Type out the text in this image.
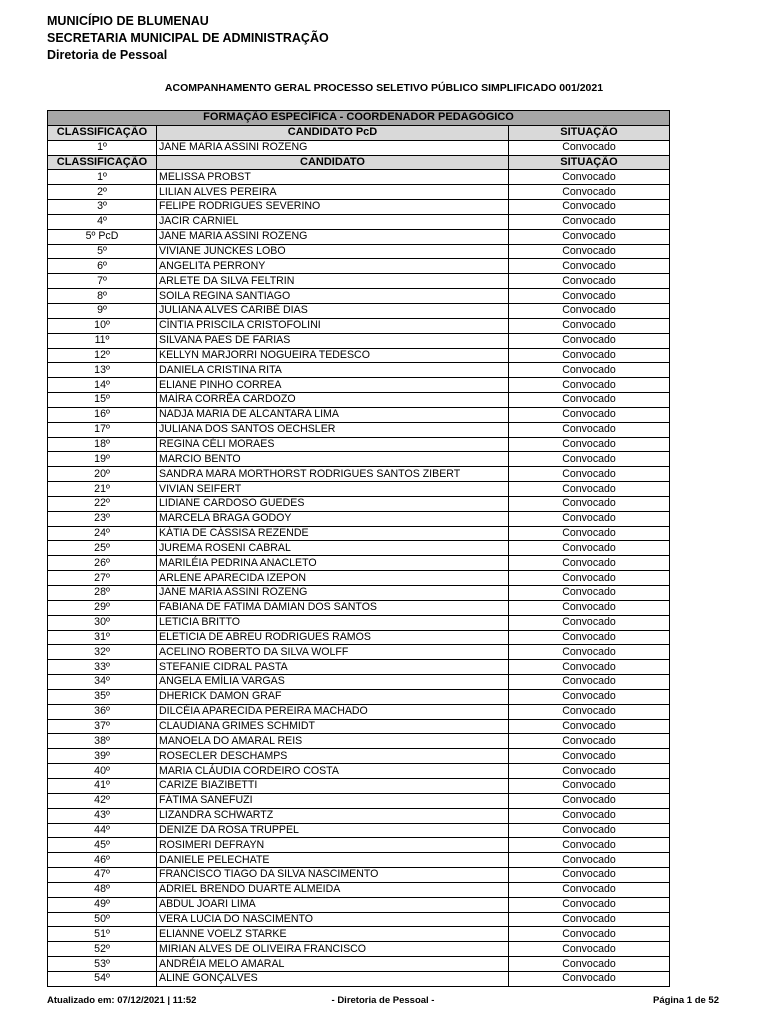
MUNICÍPIO DE BLUMENAU
SECRETARIA MUNICIPAL DE ADMINISTRAÇÃO
Diretoria de Pessoal
ACOMPANHAMENTO GERAL PROCESSO SELETIVO PÚBLICO SIMPLIFICADO 001/2021
FORMAÇÃO ESPECÍFICA - COORDENADOR PEDAGÓGICO		
CLASSIFICAÇÃO	CANDIDATO PcD	SITUAÇÃO
1º	JANE MARIA ASSINI ROZENG	Convocado
CLASSIFICAÇÃO	CANDIDATO	SITUAÇÃO
1º	MELISSA PROBST	Convocado
2º	LILIAN ALVES PEREIRA	Convocado
3º	FELIPE RODRIGUES SEVERINO	Convocado
4º	JACIR CARNIEL	Convocado
5º PcD	JANE MARIA ASSINI ROZENG	Convocado
5º	VIVIANE JUNCKES LOBO	Convocado
6º	ANGELITA PERRONY	Convocado
7º	ARLETE DA SILVA FELTRIN	Convocado
8º	SOILA REGINA SANTIAGO	Convocado
9º	JULIANA ALVES CARIBÉ DIAS	Convocado
10º	CÍNTIA PRISCILA CRISTOFOLINI	Convocado
11º	SILVANA PAES DE FARIAS	Convocado
12º	KELLYN MARJORRI NOGUEIRA TEDESCO	Convocado
13º	DANIELA CRISTINA RITA	Convocado
14º	ELIANE PINHO CORREA	Convocado
15º	MAÍRA CORRÊA CARDOZO	Convocado
16º	NADJA MARIA DE ALCANTARA LIMA	Convocado
17º	JULIANA DOS SANTOS OECHSLER	Convocado
18º	REGINA CÉLI MORAES	Convocado
19º	MARCIO BENTO	Convocado
20º	SANDRA MARA MORTHORST RODRIGUES SANTOS ZIBERT	Convocado
21º	VIVIAN SEIFERT	Convocado
22º	LIDIANE CARDOSO GUEDES	Convocado
23º	MARCELA BRAGA GODOY	Convocado
24º	KÁTIA DE CÁSSISA REZENDE	Convocado
25º	JUREMA ROSENI CABRAL	Convocado
26º	MARILÉIA PEDRINA ANACLETO	Convocado
27º	ARLENE APARECIDA IZEPON	Convocado
28º	JANE MARIA ASSINI ROZENG	Convocado
29º	FABIANA DE FATIMA DAMIAN DOS SANTOS	Convocado
30º	LETICIA BRITTO	Convocado
31º	ELETICIA DE ABREU RODRIGUES RAMOS	Convocado
32º	ACELINO ROBERTO DA SILVA WOLFF	Convocado
33º	STEFANIE CIDRAL PASTA	Convocado
34º	ANGELA EMÍLIA VARGAS	Convocado
35º	DHERICK DAMON GRAF	Convocado
36º	DILCÉIA APARECIDA PEREIRA MACHADO	Convocado
37º	CLAUDIANA GRIMES SCHMIDT	Convocado
38º	MANOELA DO AMARAL REIS	Convocado
39º	ROSECLER DESCHAMPS	Convocado
40º	MARIA CLÁUDIA CORDEIRO COSTA	Convocado
41º	CARIZE BIAZIBETTI	Convocado
42º	FÁTIMA SANEFUZI	Convocado
43º	LIZANDRA SCHWARTZ	Convocado
44º	DENIZE DA ROSA TRUPPEL	Convocado
45º	ROSIMERI DEFRAYN	Convocado
46º	DANIELE PELECHATE	Convocado
47º	FRANCISCO TIAGO DA SILVA NASCIMENTO	Convocado
48º	ADRIEL BRENDO DUARTE ALMEIDA	Convocado
49º	ABDUL JOARI LIMA	Convocado
50º	VERA LUCIA DO NASCIMENTO	Convocado
51º	ELIANNE VOELZ STARKE	Convocado
52º	MIRIAN ALVES DE OLIVEIRA FRANCISCO	Convocado
53º	ANDRÉIA MELO AMARAL	Convocado
54º	ALINE GONÇALVES	Convocado
Atualizado em: 07/12/2021 | 11:52	- Diretoria de Pessoal -	Página 1 de 52
